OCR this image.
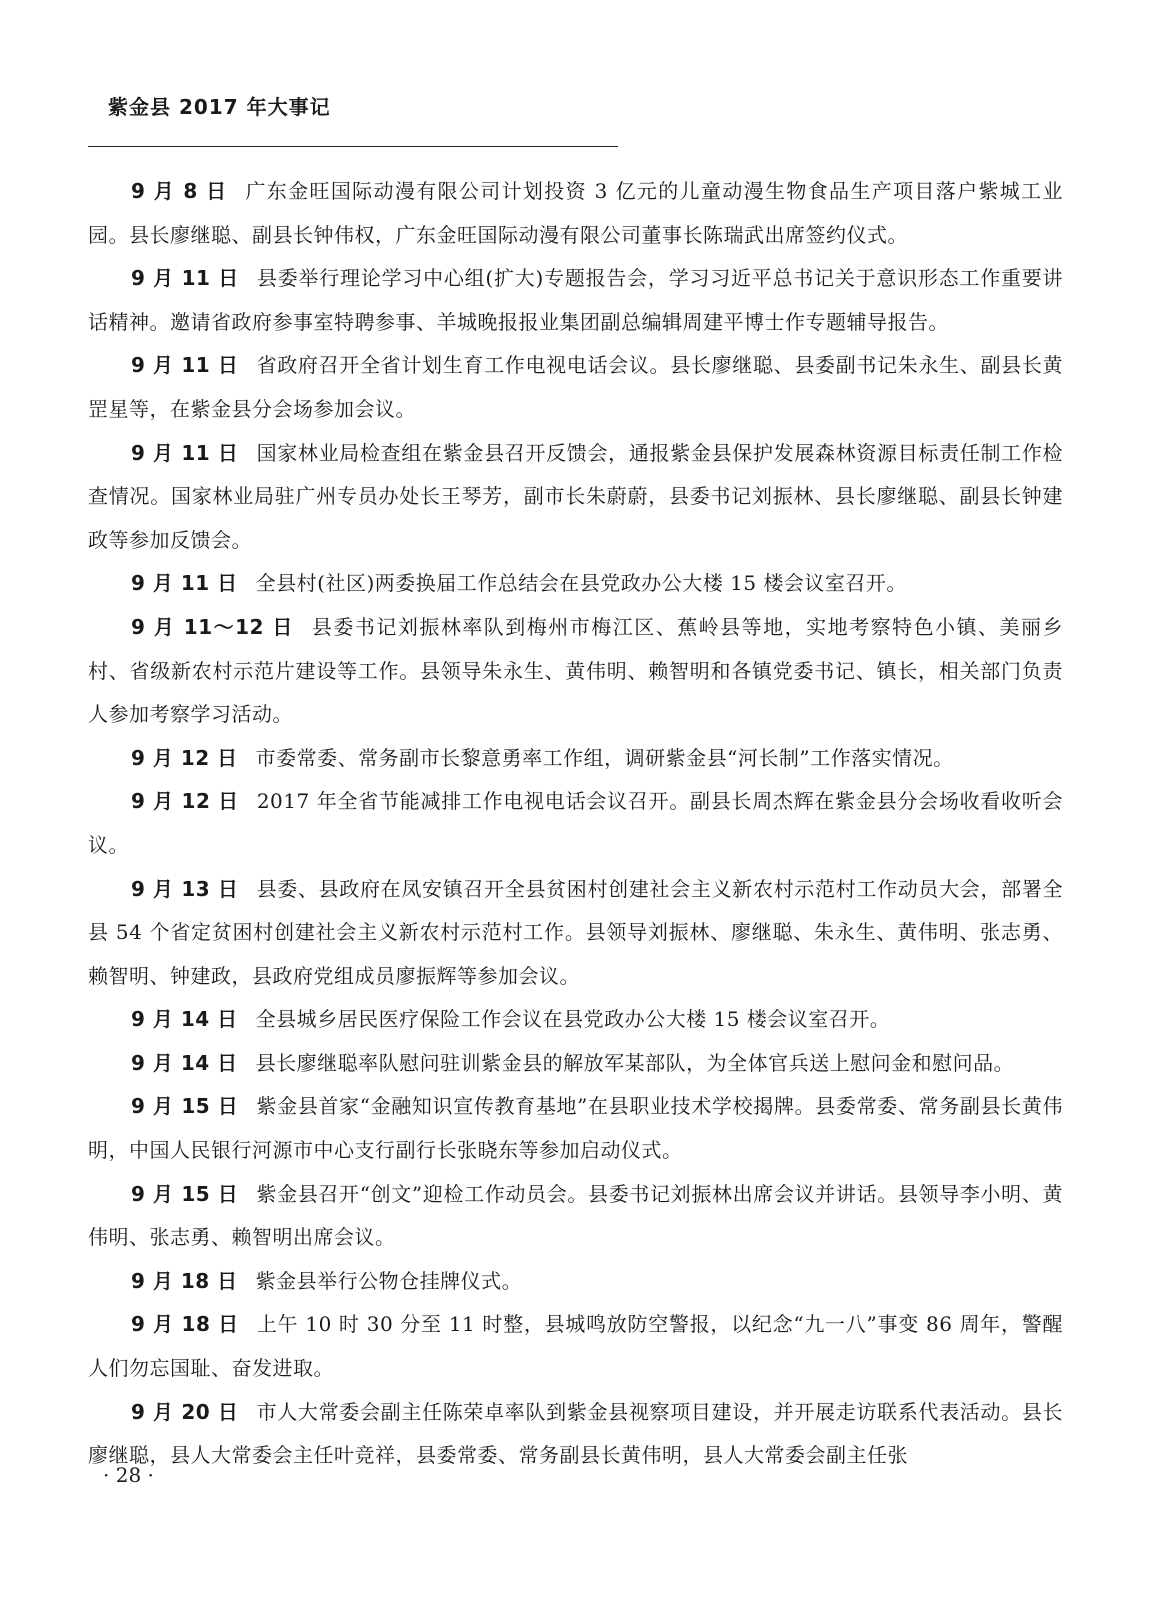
紫金县 2017 年大事记

9 月 8 日 广东金旺国际动漫有限公司计划投资 3 亿元的儿童动漫生物食品生产项目落户紫城工业园。县长廖继聪、副县长钟伟权，广东金旺国际动漫有限公司董事长陈瑞武出席签约仪式。

9 月 11 日 县委举行理论学习中心组(扩大)专题报告会，学习习近平总书记关于意识形态工作重要讲话精神。邀请省政府参事室特聘参事、羊城晚报报业集团副总编辑周建平博士作专题辅导报告。

9 月 11 日 省政府召开全省计划生育工作电视电话会议。县长廖继聪、县委副书记朱永生、副县长黄罡星等，在紫金县分会场参加会议。

9 月 11 日 国家林业局检查组在紫金县召开反馈会，通报紫金县保护发展森林资源目标责任制工作检查情况。国家林业局驻广州专员办处长王琴芳，副市长朱蔚蔚，县委书记刘振林、县长廖继聪、副县长钟建政等参加反馈会。

9 月 11 日 全县村(社区)两委换届工作总结会在县党政办公大楼 15 楼会议室召开。

9 月 11～12 日 县委书记刘振林率队到梅州市梅江区、蕉岭县等地，实地考察特色小镇、美丽乡村、省级新农村示范片建设等工作。县领导朱永生、黄伟明、赖智明和各镇党委书记、镇长，相关部门负责人参加考察学习活动。

9 月 12 日 市委常委、常务副市长黎意勇率工作组，调研紫金县“河长制”工作落实情况。

9 月 12 日 2017 年全省节能减排工作电视电话会议召开。副县长周杰辉在紫金县分会场收看收听会议。

9 月 13 日 县委、县政府在凤安镇召开全县贫困村创建社会主义新农村示范村工作动员大会，部署全县 54 个省定贫困村创建社会主义新农村示范村工作。县领导刘振林、廖继聪、朱永生、黄伟明、张志勇、赖智明、钟建政，县政府党组成员廖振辉等参加会议。

9 月 14 日 全县城乡居民医疗保险工作会议在县党政办公大楼 15 楼会议室召开。

9 月 14 日 县长廖继聪率队慰问驻训紫金县的解放军某部队，为全体官兵送上慰问金和慰问品。

9 月 15 日 紫金县首家“金融知识宣传教育基地”在县职业技术学校揭牌。县委常委、常务副县长黄伟明，中国人民银行河源市中心支行副行长张晓东等参加启动仪式。

9 月 15 日 紫金县召开“创文”迎检工作动员会。县委书记刘振林出席会议并讲话。县领导李小明、黄伟明、张志勇、赖智明出席会议。

9 月 18 日 紫金县举行公物仓挂牌仪式。

9 月 18 日 上午 10 时 30 分至 11 时整，县城鸣放防空警报，以纪念“九一八”事变 86 周年，警醒人们勿忘国耻、奋发进取。

9 月 20 日 市人大常委会副主任陈荣卓率队到紫金县视察项目建设，并开展走访联系代表活动。县长廖继聪，县人大常委会主任叶竞祥，县委常委、常务副县长黄伟明，县人大常委会副主任张

· 28 ·
